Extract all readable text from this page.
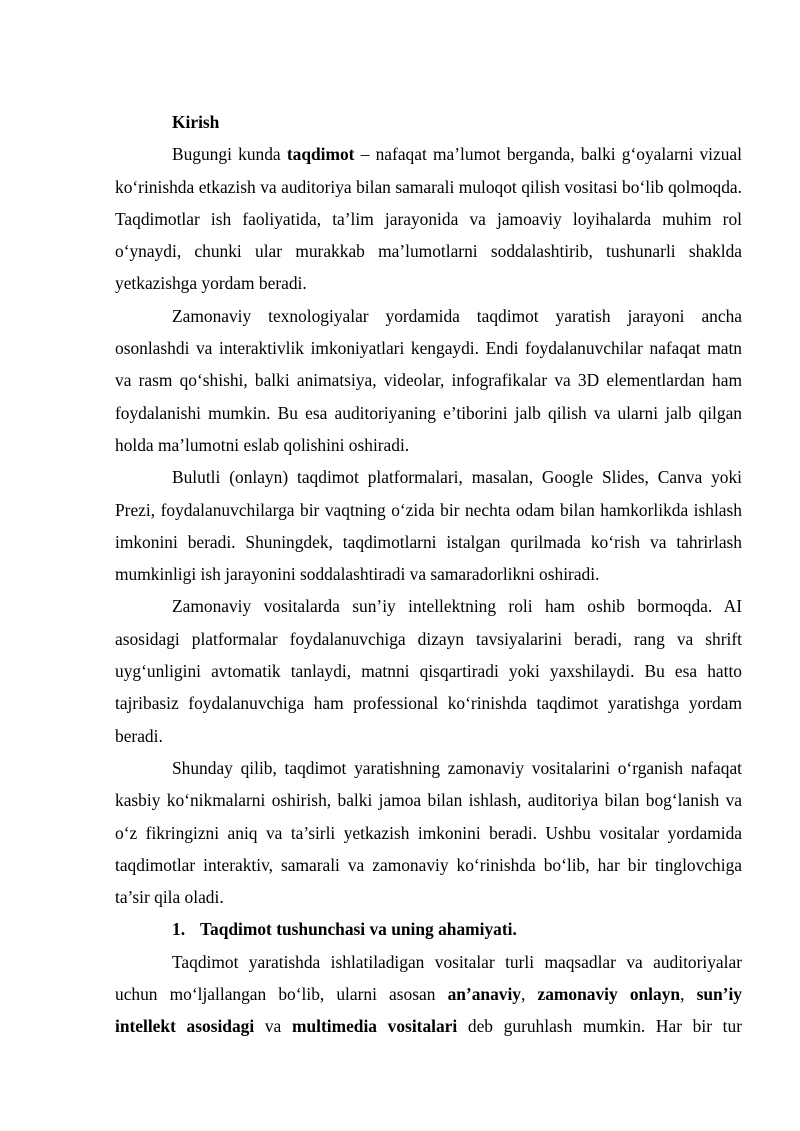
Kirish

Bugungi kunda taqdimot – nafaqat ma’lumot berganda, balki g‘oyalarni vizual ko‘rinishda etkazish va auditoriya bilan samarali muloqot qilish vositasi bo‘lib qolmoqda. Taqdimotlar ish faoliyatida, ta’lim jarayonida va jamoaviy loyihalarda muhim rol o‘ynaydi, chunki ular murakkab ma’lumotlarni soddalashtirib, tushunarli shaklda yetkazishga yordam beradi.

Zamonaviy texnologiyalar yordamida taqdimot yaratish jarayoni ancha osonlashdi va interaktivlik imkoniyatlari kengaydi. Endi foydalanuvchilar nafaqat matn va rasm qo‘shishi, balki animatsiya, videolar, infografikalar va 3D elementlardan ham foydalanishi mumkin. Bu esa auditoriyaning e’tiborini jalb qilish va ularni jalb qilgan holda ma’lumotni eslab qolishini oshiradi.

Bulutli (onlayn) taqdimot platformalari, masalan, Google Slides, Canva yoki Prezi, foydalanuvchilarga bir vaqtning o‘zida bir nechta odam bilan hamkorlikda ishlash imkonini beradi. Shuningdek, taqdimotlarni istalgan qurilmada ko‘rish va tahrirlash mumkinligi ish jarayonini soddalashtiradi va samaradorlikni oshiradi.

Zamonaviy vositalarda sun’iy intellektning roli ham oshib bormoqda. AI asosidagi platformalar foydalanuvchiga dizayn tavsiyalarini beradi, rang va shrift uyg‘unligini avtomatik tanlaydi, matnni qisqartiradi yoki yaxshilaydi. Bu esa hatto tajribasiz foydalanuvchiga ham professional ko‘rinishda taqdimot yaratishga yordam beradi.

Shunday qilib, taqdimot yaratishning zamonaviy vositalarini o‘rganish nafaqat kasbiy ko‘nikmalarni oshirish, balki jamoa bilan ishlash, auditoriya bilan bog‘lanish va o‘z fikringizni aniq va ta’sirli yetkazish imkonini beradi. Ushbu vositalar yordamida taqdimotlar interaktiv, samarali va zamonaviy ko‘rinishda bo‘lib, har bir tinglovchiga ta’sir qila oladi.

1. Taqdimot tushunchasi va uning ahamiyati.

Taqdimot yaratishda ishlatiladigan vositalar turli maqsadlar va auditoriyalar uchun mo‘ljallangan bo‘lib, ularni asosan an’anaviy, zamonaviy onlayn, sun’iy intellekt asosidagi va multimedia vositalari deb guruhlash mumkin. Har bir tur
